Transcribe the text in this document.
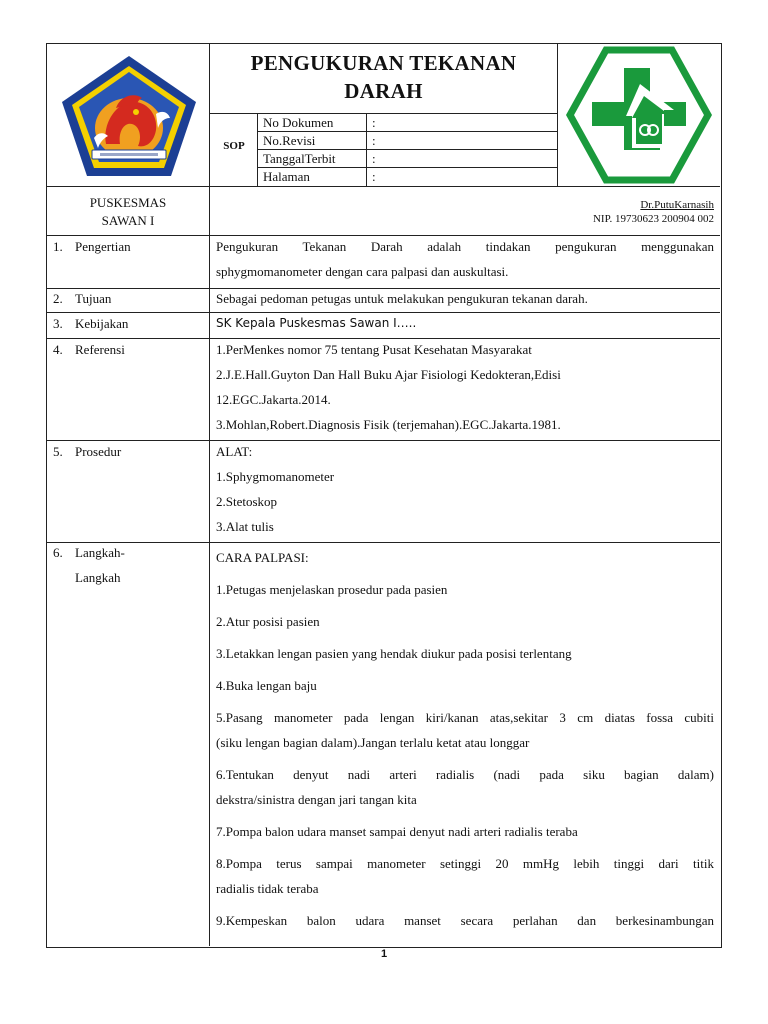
PENGUKURAN TEKANAN
DARAH
SOP
No Dokumen	:
No.Revisi	:
TanggalTerbit	:
Halaman	:
PUSKESMAS
SAWAN I
Dr.PutuKarnasih
NIP. 19730623 200904 002
1. Pengertian	Pengukuran Tekanan Darah adalah tindakan pengukuran menggunakan

sphygmomanometer dengan cara palpasi dan auskultasi.

2. Tujuan	Sebagai pedoman petugas untuk melakukan pengukuran tekanan darah.

3. Kebijakan	SK Kepala Puskesmas Sawan I…..

4. Referensi	1.PerMenkes nomor 75 tentang Pusat Kesehatan Masyarakat

2.J.E.Hall.Guyton Dan Hall Buku Ajar Fisiologi Kedokteran,Edisi

12.EGC.Jakarta.2014.

3.Mohlan,Robert.Diagnosis Fisik (terjemahan).EGC.Jakarta.1981.

5. Prosedur	ALAT:

1.Sphygmomanometer

2.Stetoskop

3.Alat tulis

6. Langkah-
Langkah

CARA PALPASI:

1.Petugas menjelaskan prosedur pada pasien

2.Atur posisi pasien

3.Letakkan lengan pasien yang hendak diukur pada posisi terlentang

4.Buka lengan baju

5.Pasang manometer pada lengan kiri/kanan atas,sekitar 3 cm diatas fossa cubiti

(siku lengan bagian dalam).Jangan terlalu ketat atau longgar

6.Tentukan denyut nadi arteri radialis (nadi pada siku bagian dalam)

dekstra/sinistra dengan jari tangan kita

7.Pompa balon udara manset sampai denyut nadi arteri radialis teraba

8.Pompa terus sampai manometer setinggi 20 mmHg lebih tinggi dari titik

radialis tidak teraba

9.Kempeskan balon udara manset secara perlahan dan berkesinambungan

1
